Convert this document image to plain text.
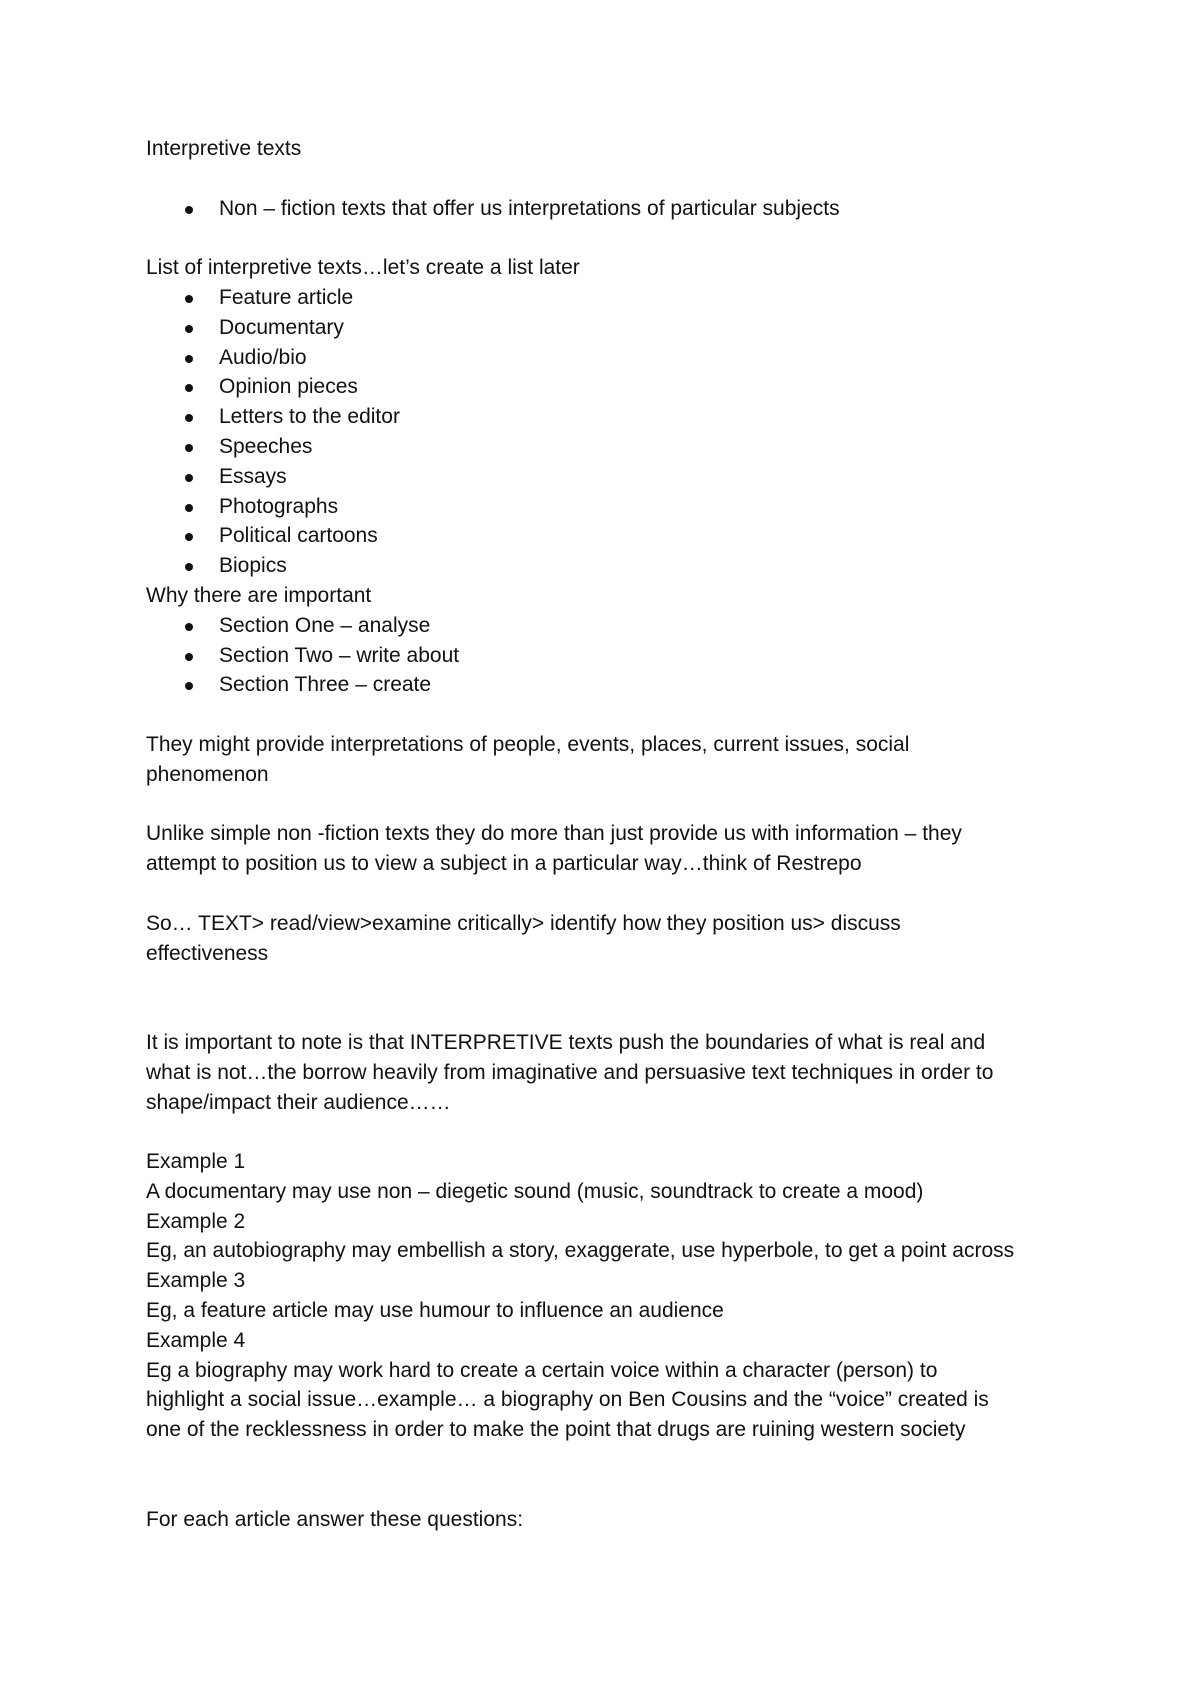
Interpretive texts

Non – fiction texts that offer us interpretations of particular subjects

List of interpretive texts…let’s create a list later

Feature article
Documentary
Audio/bio
Opinion pieces
Letters to the editor
Speeches
Essays
Photographs
Political cartoons
Biopics

Why there are important

Section One – analyse
Section Two – write about
Section Three – create

They might provide interpretations of people, events, places, current issues, social

phenomenon

Unlike simple non -fiction texts they do more than just provide us with information – they

attempt to position us to view a subject in a particular way…think of Restrepo

So… TEXT> read/view>examine critically> identify how they position us> discuss

effectiveness

It is important to note is that INTERPRETIVE texts push the boundaries of what is real and

what is not…the borrow heavily from imaginative and persuasive text techniques in order to

shape/impact their audience……

Example 1

A documentary may use non – diegetic sound (music, soundtrack to create a mood)

Example 2

Eg, an autobiography may embellish a story, exaggerate, use hyperbole, to get a point across

Example 3

Eg, a feature article may use humour to influence an audience

Example 4

Eg a biography may work hard to create a certain voice within a character (person) to

highlight a social issue…example… a biography on Ben Cousins and the “voice” created is

one of the recklessness in order to make the point that drugs are ruining western society

For each article answer these questions:
